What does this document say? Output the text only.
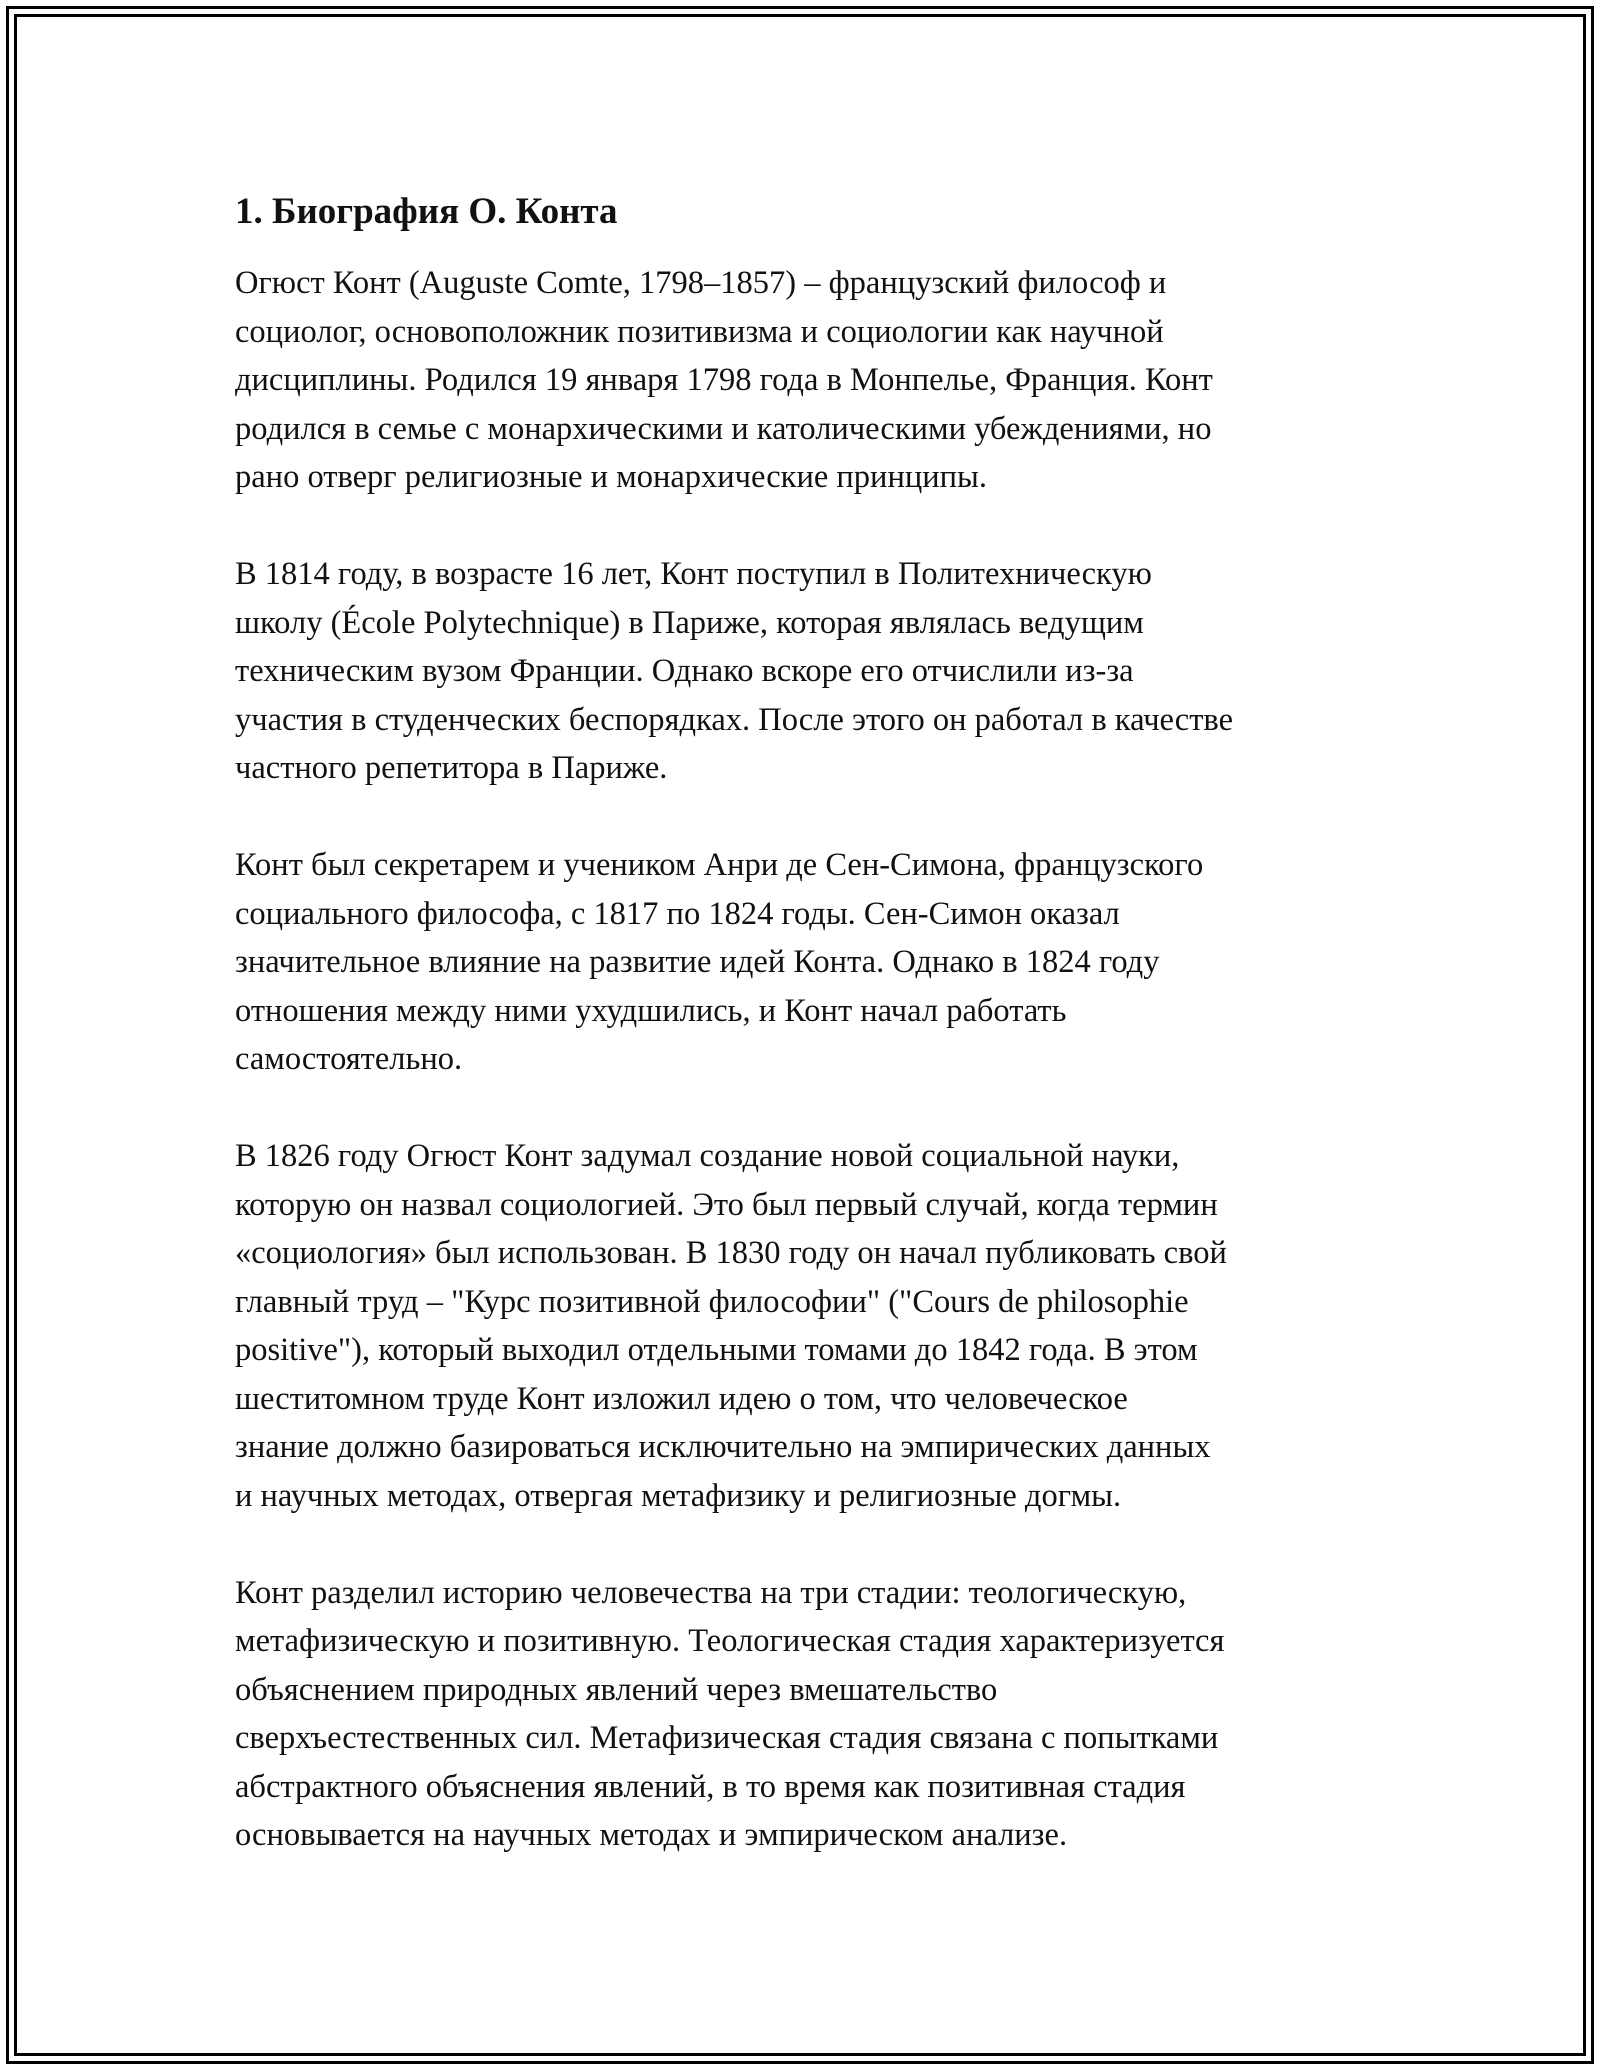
1. Биография О. Конта

Огюст Конт (Auguste Comte, 1798–1857) – французский философ и
социолог, основоположник позитивизма и социологии как научной
дисциплины. Родился 19 января 1798 года в Монпелье, Франция. Конт
родился в семье с монархическими и католическими убеждениями, но
рано отверг религиозные и монархические принципы.

В 1814 году, в возрасте 16 лет, Конт поступил в Политехническую
школу (École Polytechnique) в Париже, которая являлась ведущим
техническим вузом Франции. Однако вскоре его отчислили из-за
участия в студенческих беспорядках. После этого он работал в качестве
частного репетитора в Париже.

Конт был секретарем и учеником Анри де Сен-Симона, французского
социального философа, с 1817 по 1824 годы. Сен-Симон оказал
значительное влияние на развитие идей Конта. Однако в 1824 году
отношения между ними ухудшились, и Конт начал работать
самостоятельно.

В 1826 году Огюст Конт задумал создание новой социальной науки,
которую он назвал социологией. Это был первый случай, когда термин
«социология» был использован. В 1830 году он начал публиковать свой
главный труд – "Курс позитивной философии" ("Cours de philosophie
positive"), который выходил отдельными томами до 1842 года. В этом
шеститомном труде Конт изложил идею о том, что человеческое
знание должно базироваться исключительно на эмпирических данных
и научных методах, отвергая метафизику и религиозные догмы.

Конт разделил историю человечества на три стадии: теологическую,
метафизическую и позитивную. Теологическая стадия характеризуется
объяснением природных явлений через вмешательство
сверхъестественных сил. Метафизическая стадия связана с попытками
абстрактного объяснения явлений, в то время как позитивная стадия
основывается на научных методах и эмпирическом анализе.
